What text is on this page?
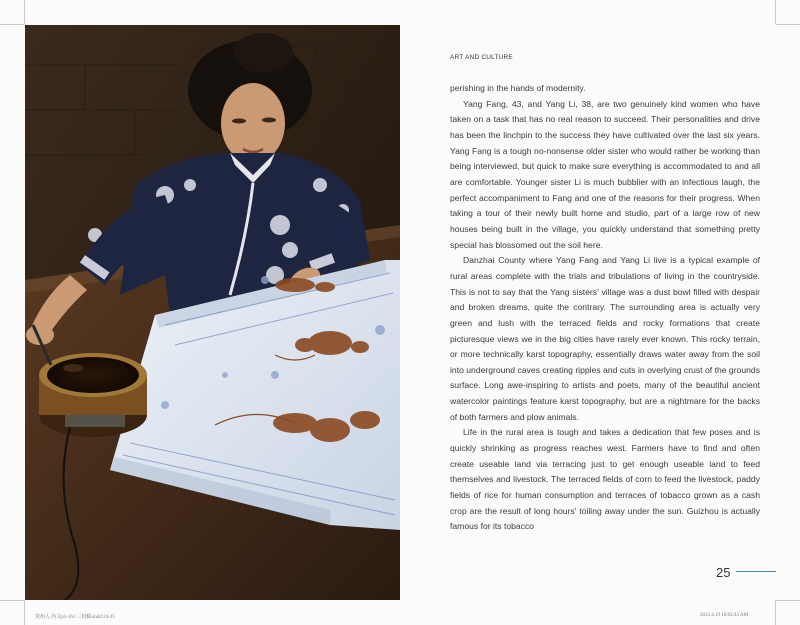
ART AND CULTURE

perishing in the hands of modernity.

Yang Fang, 43, and Yang Li, 38, are two genuinely kind women who have taken on a task that has no real reason to succeed. Their personalities and drive has been the linchpin to the success they have cultivated over the last six years. Yang Fang is a tough no-nonsense older sister who would rather be working than being interviewed, but quick to make sure everything is accommodated to and all are comfortable. Younger sister Li is much bubblier with an infectious laugh, the perfect accompaniment to Fang and one of the reasons for their progress. When taking a tour of their newly built home and studio, part of a large row of new houses being built in the village, you quickly understand that something pretty special has blossomed out the soil here.

Danzhai County where Yang Fang and Yang Li live is a typical example of rural areas complete with the trials and tribulations of living in the countryside. This is not to say that the Yang sisters' village was a dust bowl filled with despair and broken dreams, quite the contrary. The surrounding area is actually very green and lush with the terraced fields and rocky formations that create picturesque views we in the big cities have rarely ever known. This rocky terrain, or more technically karst topography, essentially draws water away from the soil into underground caves creating ripples and cuts in overlying crust of the grounds surface. Long awe-inspiring to artists and poets, many of the beautiful ancient watercolor paintings feature karst topography, but are a nightmare for the backs of both farmers and plow animals.

Life in the rural area is tough and takes a dedication that few poses and is quickly shrinking as progress reaches west. Farmers have to find and often create useable land via terracing just to get enough useable land to feed themselves and livestock. The terraced fields of corn to feed the livestock, paddy fields of rice for human consumption and terraces of tobacco grown as a cash crop are the result of long hours' toiling away under the sun. Guizhou is actually famous for its tobacco

25
贵州人 内文p1-161 三校稿.indd 24-25	2013.4.19 10:02:43 AM
